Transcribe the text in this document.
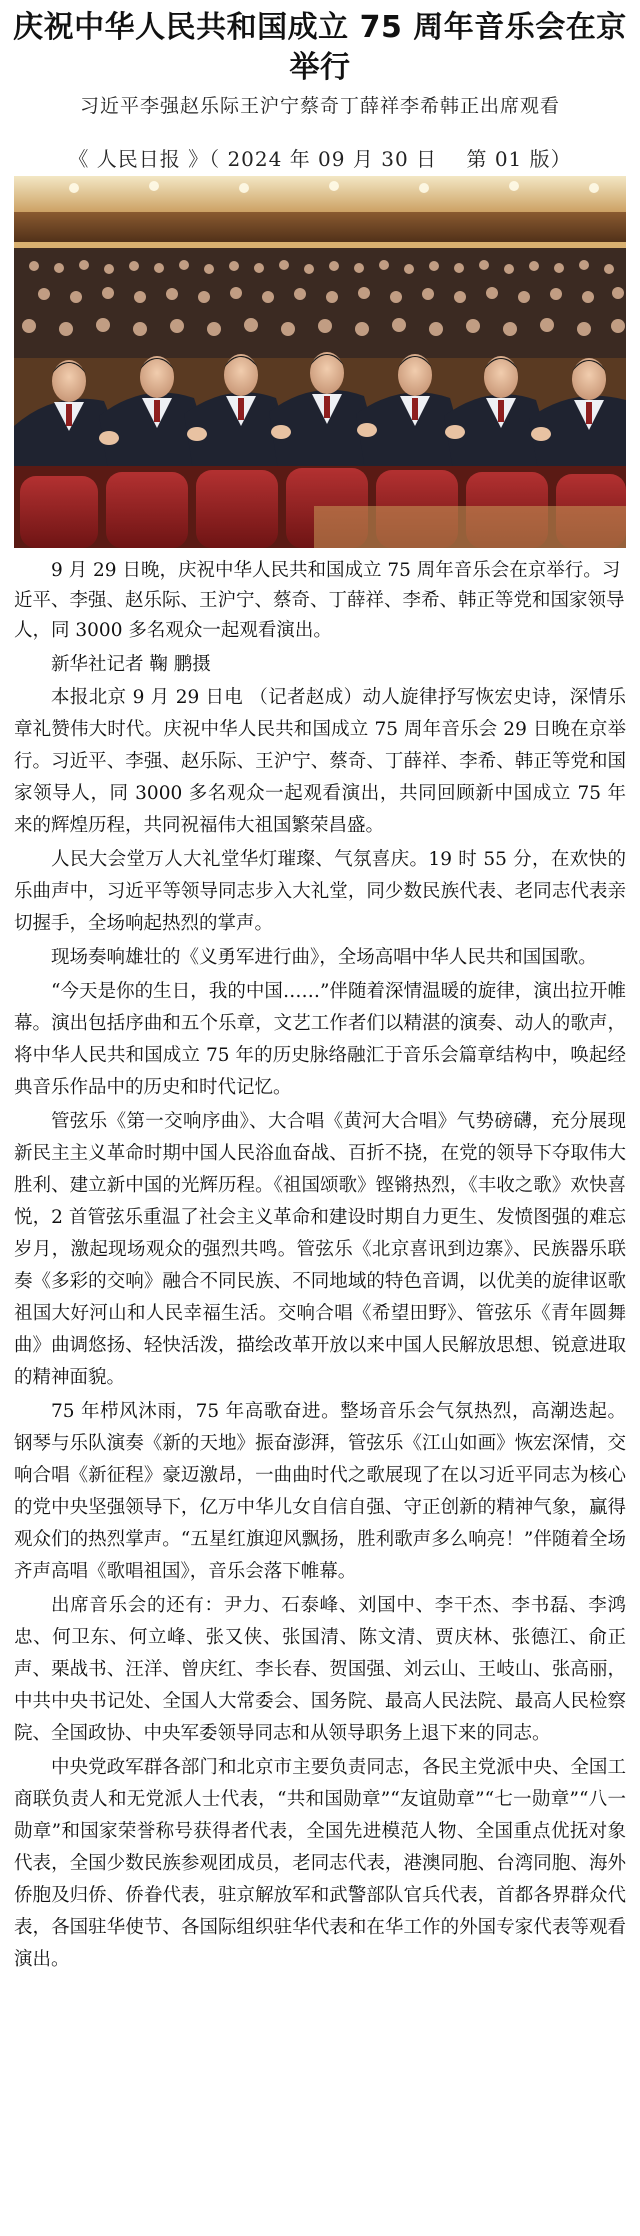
庆祝中华人民共和国成立 75 周年音乐会在京举行
习近平李强赵乐际王沪宁蔡奇丁薛祥李希韩正出席观看
《 人民日报 》（ 2024 年 09 月 30 日    第 01 版）

9 月 29 日晚，庆祝中华人民共和国成立 75 周年音乐会在京举行。习近平、李强、赵乐际、王沪宁、蔡奇、丁薛祥、李希、韩正等党和国家领导人，同 3000 多名观众一起观看演出。

新华社记者 鞠 鹏摄

本报北京 9 月 29 日电 （记者赵成）动人旋律抒写恢宏史诗，深情乐章礼赞伟大时代。庆祝中华人民共和国成立 75 周年音乐会 29 日晚在京举行。习近平、李强、赵乐际、王沪宁、蔡奇、丁薛祥、李希、韩正等党和国家领导人，同 3000 多名观众一起观看演出，共同回顾新中国成立 75 年来的辉煌历程，共同祝福伟大祖国繁荣昌盛。

人民大会堂万人大礼堂华灯璀璨、气氛喜庆。19 时 55 分，在欢快的乐曲声中，习近平等领导同志步入大礼堂，同少数民族代表、老同志代表亲切握手，全场响起热烈的掌声。

现场奏响雄壮的《义勇军进行曲》，全场高唱中华人民共和国国歌。

“今天是你的生日，我的中国……”伴随着深情温暖的旋律，演出拉开帷幕。演出包括序曲和五个乐章，文艺工作者们以精湛的演奏、动人的歌声，将中华人民共和国成立 75 年的历史脉络融汇于音乐会篇章结构中，唤起经典音乐作品中的历史和时代记忆。

管弦乐《第一交响序曲》、大合唱《黄河大合唱》气势磅礴，充分展现新民主主义革命时期中国人民浴血奋战、百折不挠，在党的领导下夺取伟大胜利、建立新中国的光辉历程。《祖国颂歌》铿锵热烈，《丰收之歌》欢快喜悦，2 首管弦乐重温了社会主义革命和建设时期自力更生、发愤图强的难忘岁月，激起现场观众的强烈共鸣。管弦乐《北京喜讯到边寨》、民族器乐联奏《多彩的交响》融合不同民族、不同地域的特色音调，以优美的旋律讴歌祖国大好河山和人民幸福生活。交响合唱《希望田野》、管弦乐《青年圆舞曲》曲调悠扬、轻快活泼，描绘改革开放以来中国人民解放思想、锐意进取的精神面貌。

75 年栉风沐雨，75 年高歌奋进。整场音乐会气氛热烈，高潮迭起。钢琴与乐队演奏《新的天地》振奋澎湃，管弦乐《江山如画》恢宏深情，交响合唱《新征程》豪迈激昂，一曲曲时代之歌展现了在以习近平同志为核心的党中央坚强领导下，亿万中华儿女自信自强、守正创新的精神气象，赢得观众们的热烈掌声。“五星红旗迎风飘扬，胜利歌声多么响亮！”伴随着全场齐声高唱《歌唱祖国》，音乐会落下帷幕。

出席音乐会的还有：尹力、石泰峰、刘国中、李干杰、李书磊、李鸿忠、何卫东、何立峰、张又侠、张国清、陈文清、贾庆林、张德江、俞正声、栗战书、汪洋、曾庆红、李长春、贺国强、刘云山、王岐山、张高丽，中共中央书记处、全国人大常委会、国务院、最高人民法院、最高人民检察院、全国政协、中央军委领导同志和从领导职务上退下来的同志。

中央党政军群各部门和北京市主要负责同志，各民主党派中央、全国工商联负责人和无党派人士代表，“共和国勋章”“友谊勋章”“七一勋章”“八一勋章”和国家荣誉称号获得者代表，全国先进模范人物、全国重点优抚对象代表，全国少数民族参观团成员，老同志代表，港澳同胞、台湾同胞、海外侨胞及归侨、侨眷代表，驻京解放军和武警部队官兵代表，首都各界群众代表，各国驻华使节、各国际组织驻华代表和在华工作的外国专家代表等观看演出。
